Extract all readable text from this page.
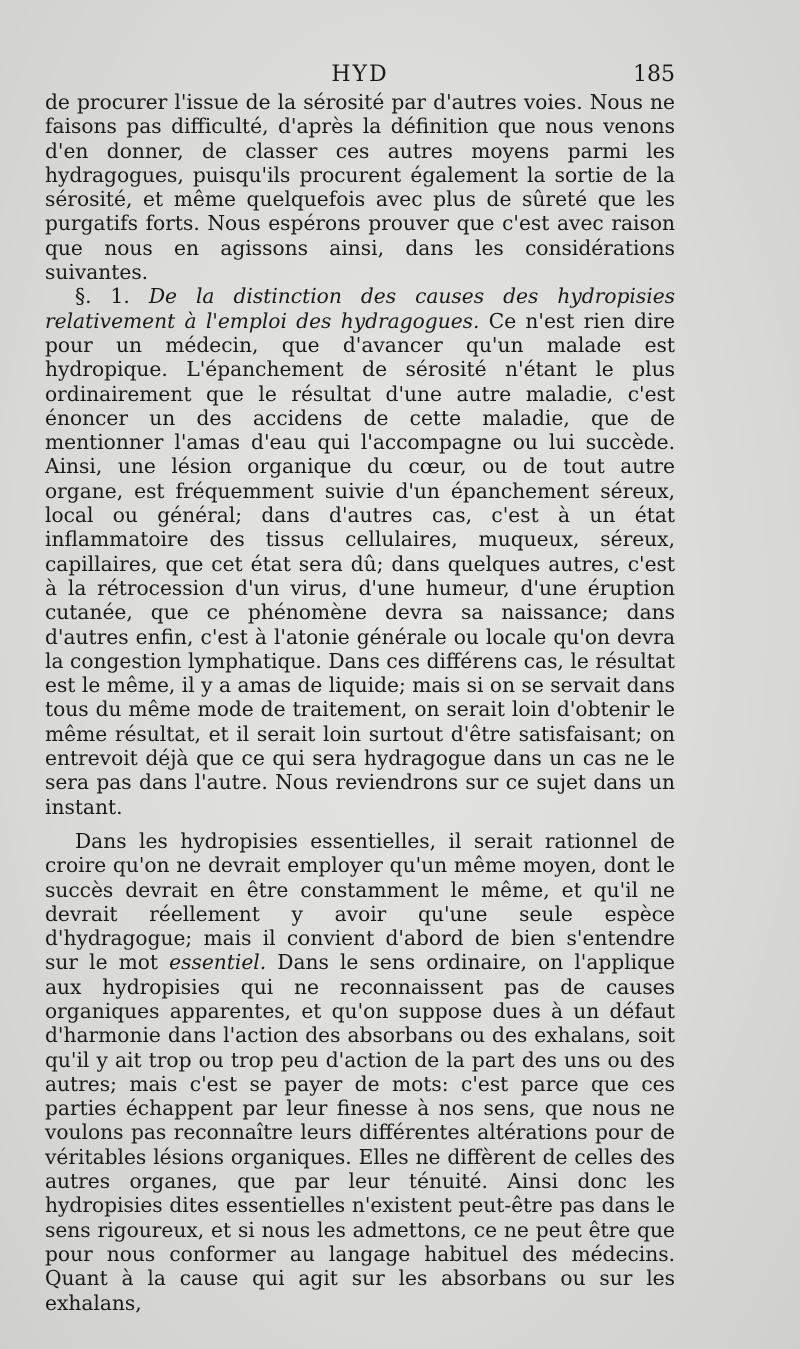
HYD	185

de procurer l'issue de la sérosité par d'autres voies. Nous ne faisons pas difficulté, d'après la définition que nous venons d'en donner, de classer ces autres moyens parmi les hydragogues, puisqu'ils procurent également la sortie de la sérosité, et même quelquefois avec plus de sûreté que les purgatifs forts. Nous espérons prouver que c'est avec raison que nous en agissons ainsi, dans les considérations suivantes.

§. 1. De la distinction des causes des hydropisies relativement à l'emploi des hydragogues. Ce n'est rien dire pour un médecin, que d'avancer qu'un malade est hydropique. L'épanchement de sérosité n'étant le plus ordinairement que le résultat d'une autre maladie, c'est énoncer un des accidens de cette maladie, que de mentionner l'amas d'eau qui l'accompagne ou lui succède. Ainsi, une lésion organique du cœur, ou de tout autre organe, est fréquemment suivie d'un épanchement séreux, local ou général; dans d'autres cas, c'est à un état inflammatoire des tissus cellulaires, muqueux, séreux, capillaires, que cet état sera dû; dans quelques autres, c'est à la rétrocession d'un virus, d'une humeur, d'une éruption cutanée, que ce phénomène devra sa naissance; dans d'autres enfin, c'est à l'atonie générale ou locale qu'on devra la congestion lymphatique. Dans ces différens cas, le résultat est le même, il y a amas de liquide; mais si on se servait dans tous du même mode de traitement, on serait loin d'obtenir le même résultat, et il serait loin surtout d'être satisfaisant; on entrevoit déjà que ce qui sera hydragogue dans un cas ne le sera pas dans l'autre. Nous reviendrons sur ce sujet dans un instant.

Dans les hydropisies essentielles, il serait rationnel de croire qu'on ne devrait employer qu'un même moyen, dont le succès devrait en être constamment le même, et qu'il ne devrait réellement y avoir qu'une seule espèce d'hydragogue; mais il convient d'abord de bien s'entendre sur le mot essentiel. Dans le sens ordinaire, on l'applique aux hydropisies qui ne reconnaissent pas de causes organiques apparentes, et qu'on suppose dues à un défaut d'harmonie dans l'action des absorbans ou des exhalans, soit qu'il y ait trop ou trop peu d'action de la part des uns ou des autres; mais c'est se payer de mots: c'est parce que ces parties échappent par leur finesse à nos sens, que nous ne voulons pas reconnaître leurs différentes altérations pour de véritables lésions organiques. Elles ne diffèrent de celles des autres organes, que par leur ténuité. Ainsi donc les hydropisies dites essentielles n'existent peut-être pas dans le sens rigoureux, et si nous les admettons, ce ne peut être que pour nous conformer au langage habituel des médecins. Quant à la cause qui agit sur les absorbans ou sur les exhalans,
